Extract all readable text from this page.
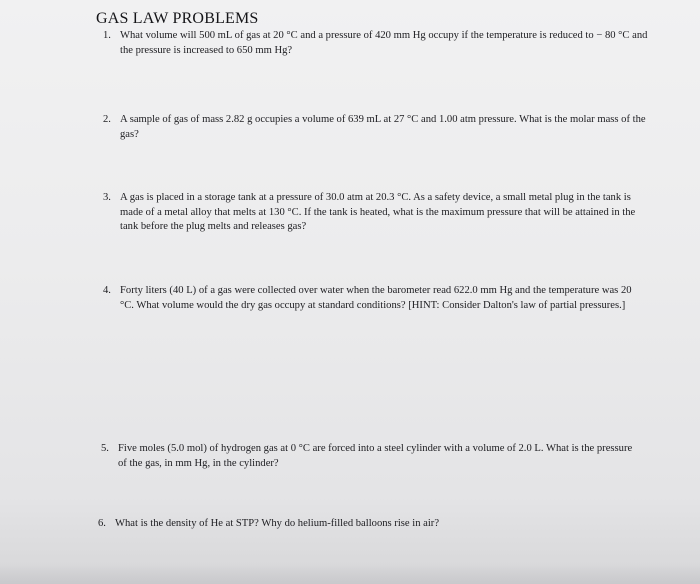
GAS LAW PROBLEMS
1. What volume will 500 mL of gas at 20 °C and a pressure of 420 mm Hg occupy if the temperature is reduced to − 80 °C and the pressure is increased to 650 mm Hg?
2. A sample of gas of mass 2.82 g occupies a volume of 639 mL at 27 °C and 1.00 atm pressure. What is the molar mass of the gas?
3. A gas is placed in a storage tank at a pressure of 30.0 atm at 20.3 °C. As a safety device, a small metal plug in the tank is made of a metal alloy that melts at 130 °C. If the tank is heated, what is the maximum pressure that will be attained in the tank before the plug melts and releases gas?
4. Forty liters (40 L) of a gas were collected over water when the barometer read 622.0 mm Hg and the temperature was 20 °C. What volume would the dry gas occupy at standard conditions? [HINT: Consider Dalton's law of partial pressures.]
5. Five moles (5.0 mol) of hydrogen gas at 0 °C are forced into a steel cylinder with a volume of 2.0 L. What is the pressure of the gas, in mm Hg, in the cylinder?
6. What is the density of He at STP? Why do helium-filled balloons rise in air?
